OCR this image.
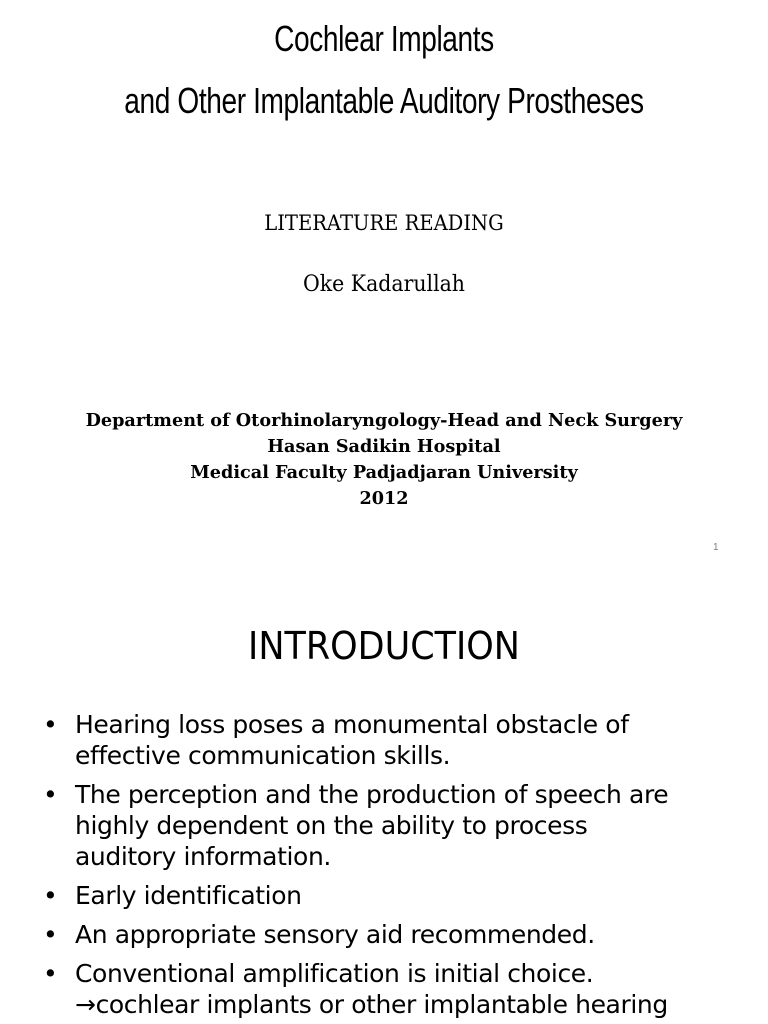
Cochlear Implants
and Other Implantable Auditory Prostheses
LITERATURE READING
Oke Kadarullah
Department of Otorhinolaryngology-Head and Neck Surgery
Hasan Sadikin Hospital
Medical Faculty Padjadjaran University
2012
1
INTRODUCTION
• Hearing loss poses a monumental obstacle of
effective communication skills.
• The perception and the production of speech are
highly dependent on the ability to process
auditory information.
• Early identification
• An appropriate sensory aid recommended.
• Conventional amplification is initial choice.
→cochlear implants or other implantable hearing
